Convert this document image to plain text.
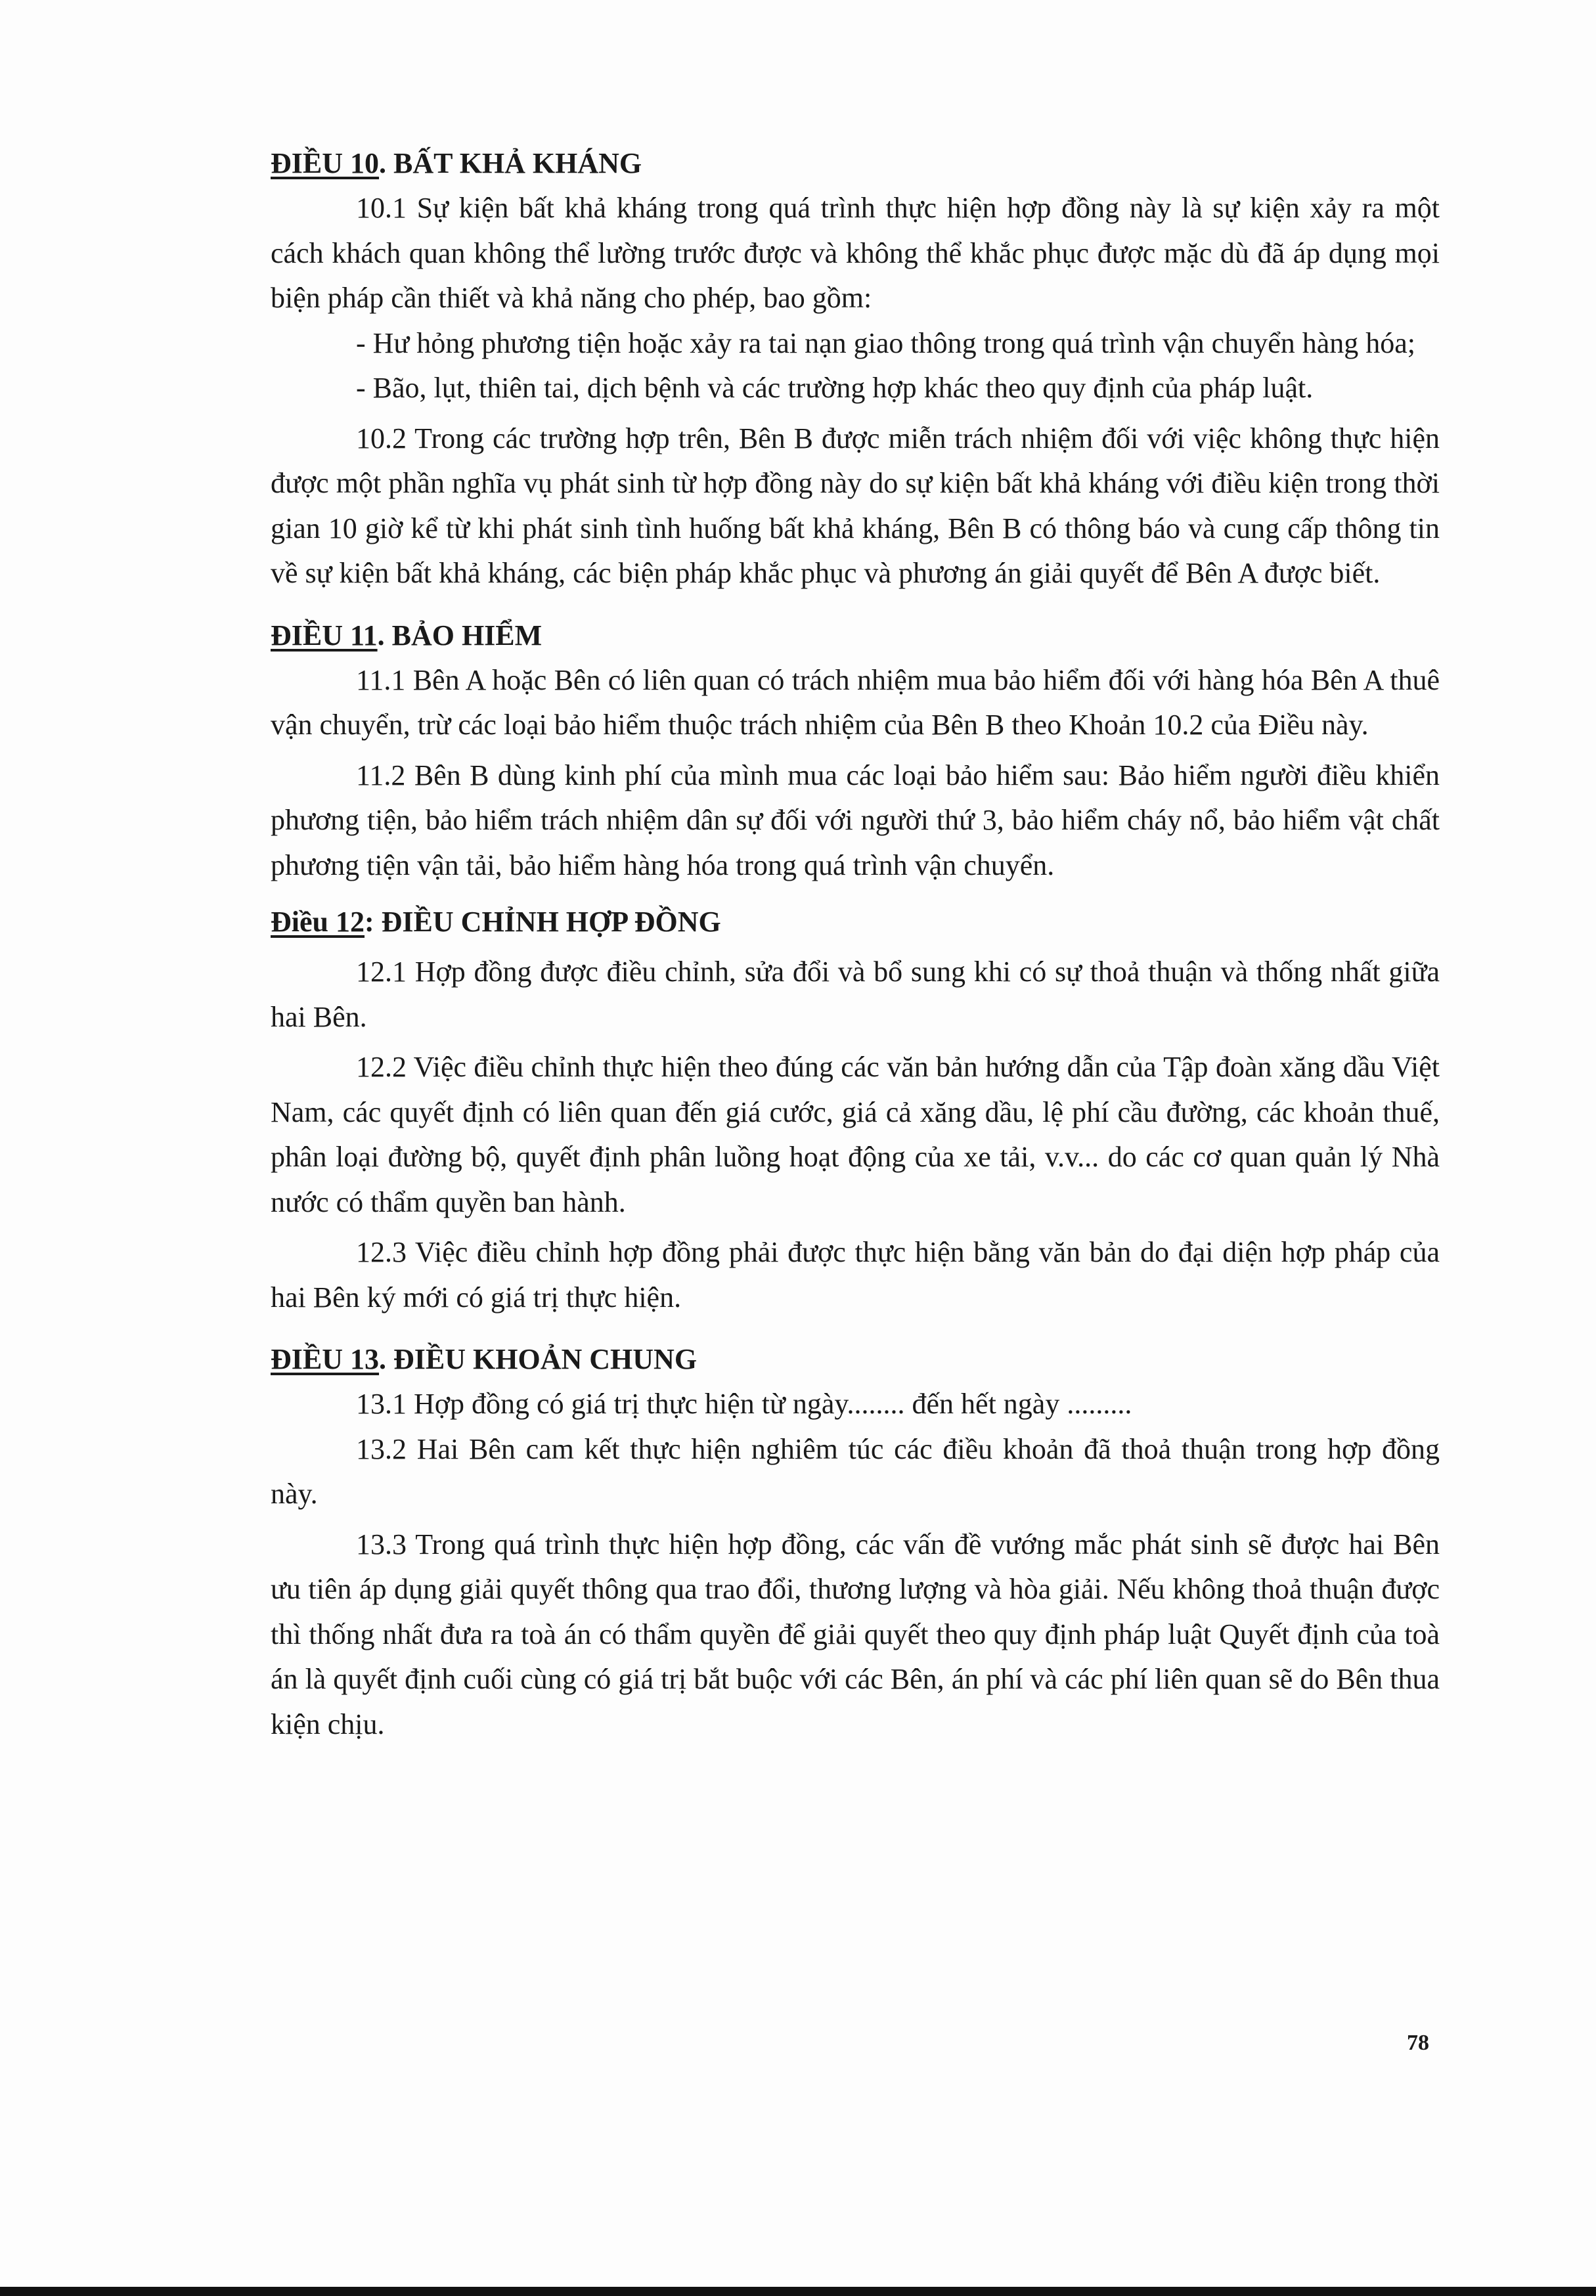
ĐIỀU 10. BẤT KHẢ KHÁNG

10.1 Sự kiện bất khả kháng trong quá trình thực hiện hợp đồng này là sự kiện xảy ra một cách khách quan không thể lường trước được và không thể khắc phục được mặc dù đã áp dụng mọi biện pháp cần thiết và khả năng cho phép, bao gồm:

- Hư hỏng phương tiện hoặc xảy ra tai nạn giao thông trong quá trình vận chuyển hàng hóa;

- Bão, lụt, thiên tai, dịch bệnh và các trường hợp khác theo quy định của pháp luật.

10.2 Trong các trường hợp trên, Bên B được miễn trách nhiệm đối với việc không thực hiện được một phần nghĩa vụ phát sinh từ hợp đồng này do sự kiện bất khả kháng với điều kiện trong thời gian 10 giờ kể từ khi phát sinh tình huống bất khả kháng, Bên B có thông báo và cung cấp thông tin về sự kiện bất khả kháng, các biện pháp khắc phục và phương án giải quyết để Bên A được biết.

ĐIỀU 11. BẢO HIỂM

11.1 Bên A hoặc Bên có liên quan có trách nhiệm mua bảo hiểm đối với hàng hóa Bên A thuê vận chuyển, trừ các loại bảo hiểm thuộc trách nhiệm của Bên B theo Khoản 10.2 của Điều này.

11.2 Bên B dùng kinh phí của mình mua các loại bảo hiểm sau: Bảo hiểm người điều khiển phương tiện, bảo hiểm trách nhiệm dân sự đối với người thứ 3, bảo hiểm cháy nổ, bảo hiểm vật chất phương tiện vận tải, bảo hiểm hàng hóa trong quá trình vận chuyển.

Điều 12: ĐIỀU CHỈNH HỢP ĐỒNG

12.1 Hợp đồng được điều chỉnh, sửa đổi và bổ sung khi có sự thoả thuận và thống nhất giữa hai Bên.

12.2 Việc điều chỉnh thực hiện theo đúng các văn bản hướng dẫn của Tập đoàn xăng dầu Việt Nam, các quyết định có liên quan đến giá cước, giá cả xăng dầu, lệ phí cầu đường, các khoản thuế, phân loại đường bộ, quyết định phân luồng hoạt động của xe tải, v.v... do các cơ quan quản lý Nhà nước có thẩm quyền ban hành.

12.3 Việc điều chỉnh hợp đồng phải được thực hiện bằng văn bản do đại diện hợp pháp của hai Bên ký mới có giá trị thực hiện.

ĐIỀU 13. ĐIỀU KHOẢN CHUNG

13.1 Hợp đồng có giá trị thực hiện từ ngày........ đến hết ngày .........

13.2 Hai Bên cam kết thực hiện nghiêm túc các điều khoản đã thoả thuận trong hợp đồng này.

13.3 Trong quá trình thực hiện hợp đồng, các vấn đề vướng mắc phát sinh sẽ được hai Bên ưu tiên áp dụng giải quyết thông qua trao đổi, thương lượng và hòa giải. Nếu không thoả thuận được thì thống nhất đưa ra toà án có thẩm quyền để giải quyết theo quy định pháp luật Quyết định của toà án là quyết định cuối cùng có giá trị bắt buộc với các Bên, án phí và các phí liên quan sẽ do Bên thua kiện chịu.

78
